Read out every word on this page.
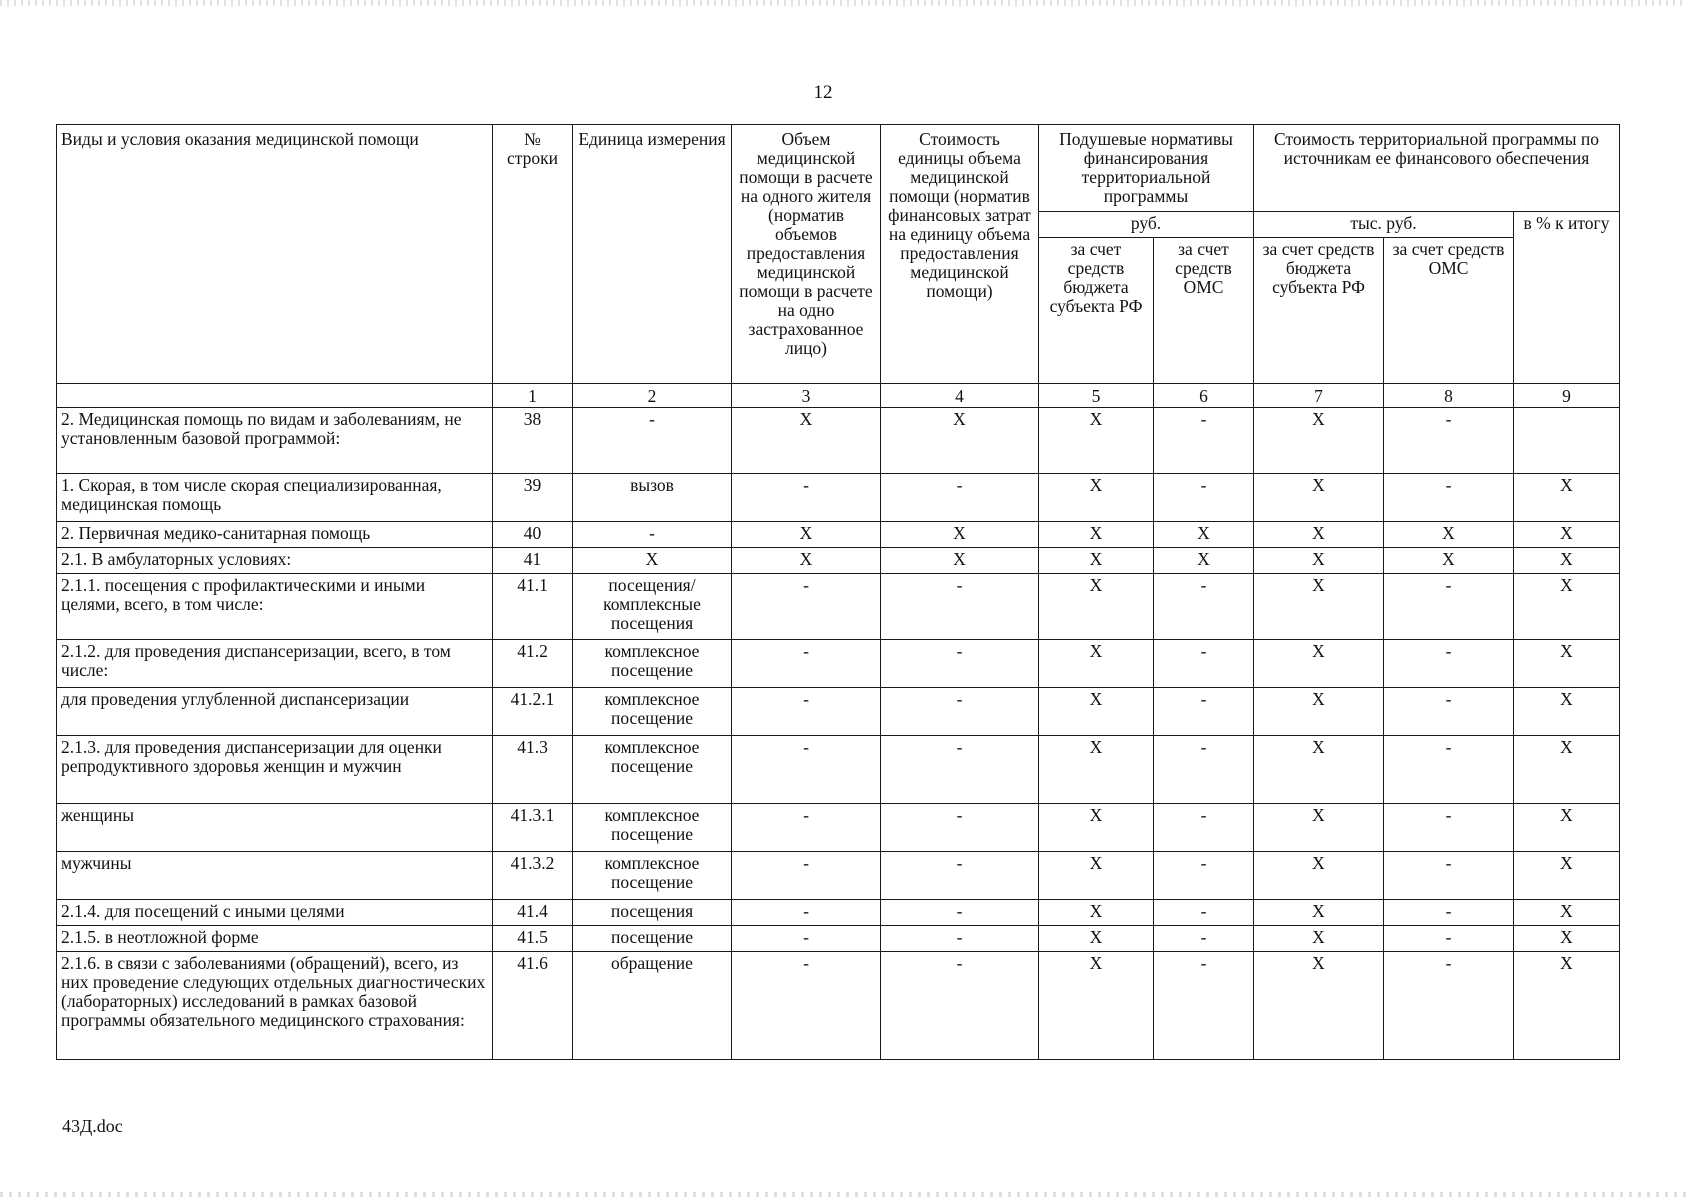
12
Виды и условия оказания медицинской помощи	№ строки	Единица измерения	Объем медицинской помощи в расчете на одного жителя (норматив объемов предоставления медицинской помощи в расчете на одно застрахованное лицо)	Стоимость единицы объема медицинской помощи (норматив финансовых затрат на единицу объема предоставления медицинской помощи)	Подушевые нормативы финансирования территориальной программы		Стоимость территориальной программы по источникам ее финансового обеспечения		
					руб.		тыс. руб.		в % к итогу
					за счет средств бюджета субъекта РФ	за счет средств ОМС	за счет средств бюджета субъекта РФ	за счет средств ОМС	
	1	2	3	4	5	6	7	8	9
2. Медицинская помощь по видам и заболеваниям, не установленным базовой программой:	38	-	X	X	X	-	X	-	
1. Скорая, в том числе скорая специализированная, медицинская помощь	39	вызов	-	-	X	-	X	-	X
2. Первичная медико-санитарная помощь	40	-	X	X	X	X	X	X	X
2.1. В амбулаторных условиях:	41	X	X	X	X	X	X	X	X
2.1.1. посещения с профилактическими и иными целями, всего, в том числе:	41.1	посещения/ комплексные посещения	-	-	X	-	X	-	X
2.1.2. для проведения диспансеризации, всего, в том числе:	41.2	комплексное посещение	-	-	X	-	X	-	X
для проведения углубленной диспансеризации	41.2.1	комплексное посещение	-	-	X	-	X	-	X
2.1.3. для проведения диспансеризации для оценки репродуктивного здоровья женщин и мужчин	41.3	комплексное посещение	-	-	X	-	X	-	X
женщины	41.3.1	комплексное посещение	-	-	X	-	X	-	X
мужчины	41.3.2	комплексное посещение	-	-	X	-	X	-	X
2.1.4. для посещений с иными целями	41.4	посещения	-	-	X	-	X	-	X
2.1.5. в неотложной форме	41.5	посещение	-	-	X	-	X	-	X
2.1.6. в связи с заболеваниями (обращений), всего, из них проведение следующих отдельных диагностических (лабораторных) исследований в рамках базовой программы обязательного медицинского страхования:	41.6	обращение	-	-	X	-	X	-	X
43Д.doc
